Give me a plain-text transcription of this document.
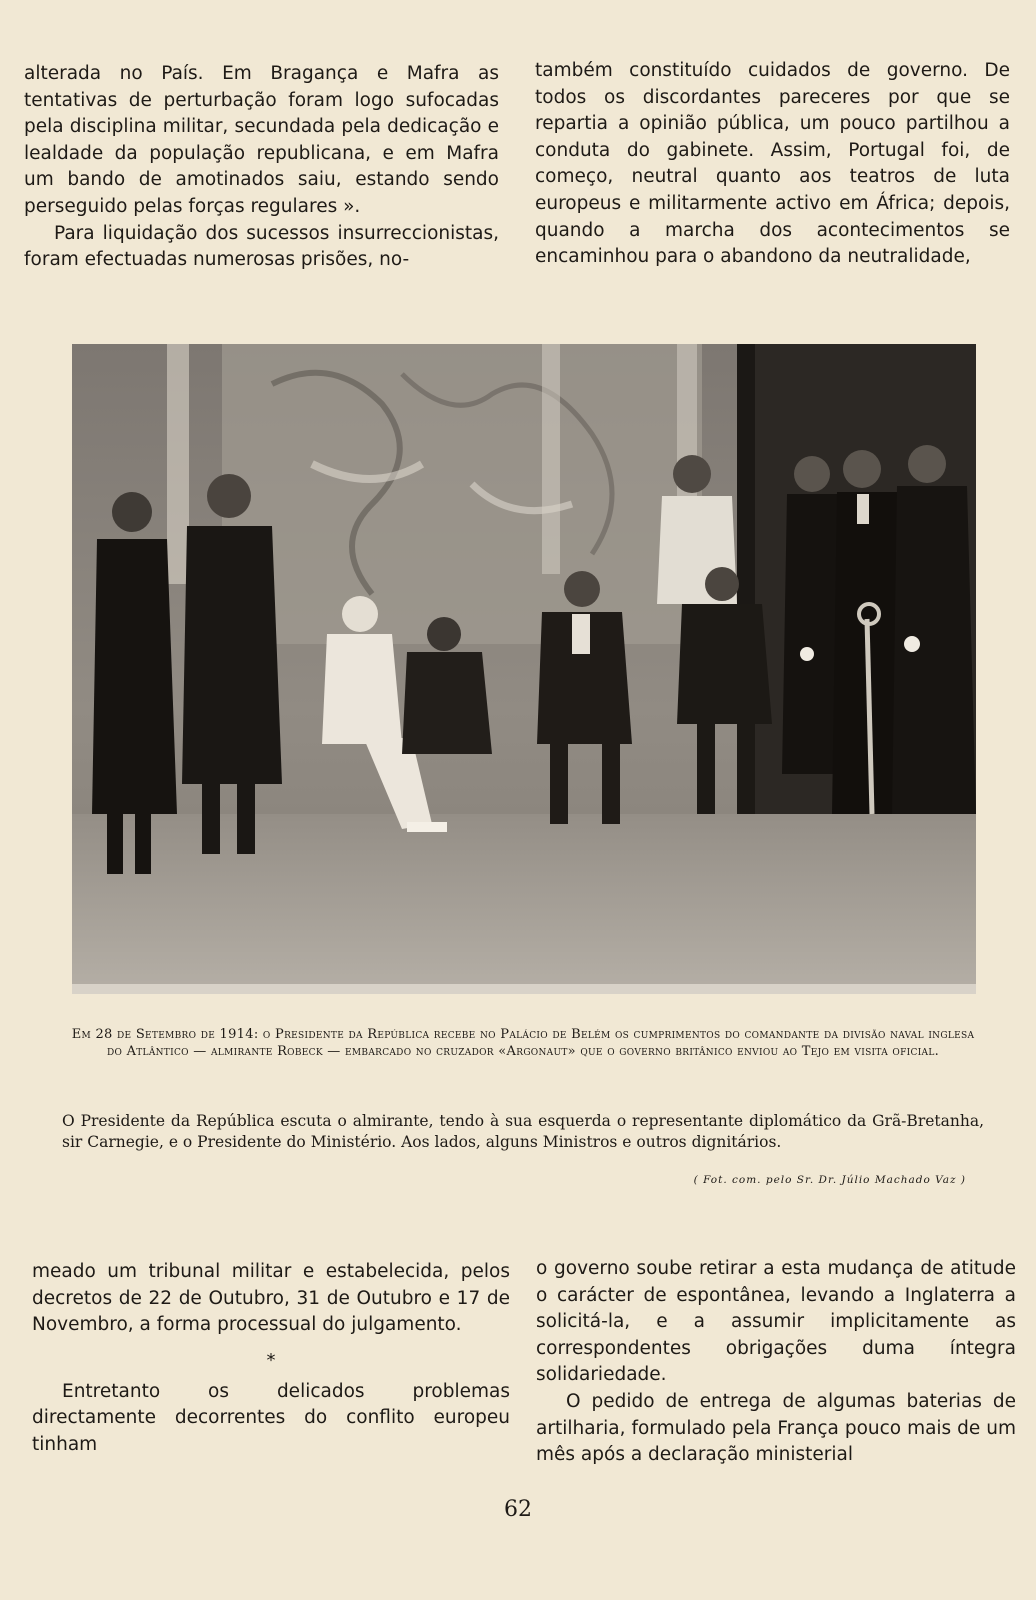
alterada no País. Em Bragança e Mafra as tentativas de perturbação foram logo sufocadas pela disciplina militar, secundada pela dedicação e lealdade da população republicana, e em Mafra um bando de amotinados saiu, estando sendo perseguido pelas forças regulares ».

Para liquidação dos sucessos insurreccionistas, foram efectuadas numerosas prisões, no-

também constituído cuidados de governo. De todos os discordantes pareceres por que se repartia a opinião pública, um pouco partilhou a conduta do gabinete. Assim, Portugal foi, de começo, neutral quanto aos teatros de luta europeus e militarmente activo em África; depois, quando a marcha dos acontecimentos se encaminhou para o abandono da neutralidade,

Em 28 de Setembro de 1914: o Presidente da República recebe no Palácio de Belém os cumprimentos do comandante da divisão naval inglesa do Atlântico — almirante Robeck — embarcado no cruzador «Argonaut» que o governo britânico enviou ao Tejo em visita oficial.
O Presidente da República escuta o almirante, tendo à sua esquerda o representante diplomático da Grã-Bretanha, sir Carnegie, e o Presidente do Ministério. Aos lados, alguns Ministros e outros dignitários.
( Fot. com. pelo Sr. Dr. Júlio Machado Vaz )

meado um tribunal militar e estabelecida, pelos decretos de 22 de Outubro, 31 de Outubro e 17 de Novembro, a forma processual do julgamento.

*

Entretanto os delicados problemas directamente decorrentes do conflito europeu tinham

o governo soube retirar a esta mudança de atitude o carácter de espontânea, levando a Inglaterra a solicitá-la, e a assumir implicitamente as correspondentes obrigações duma íntegra solidariedade.

O pedido de entrega de algumas baterias de artilharia, formulado pela França pouco mais de um mês após a declaração ministerial

62
